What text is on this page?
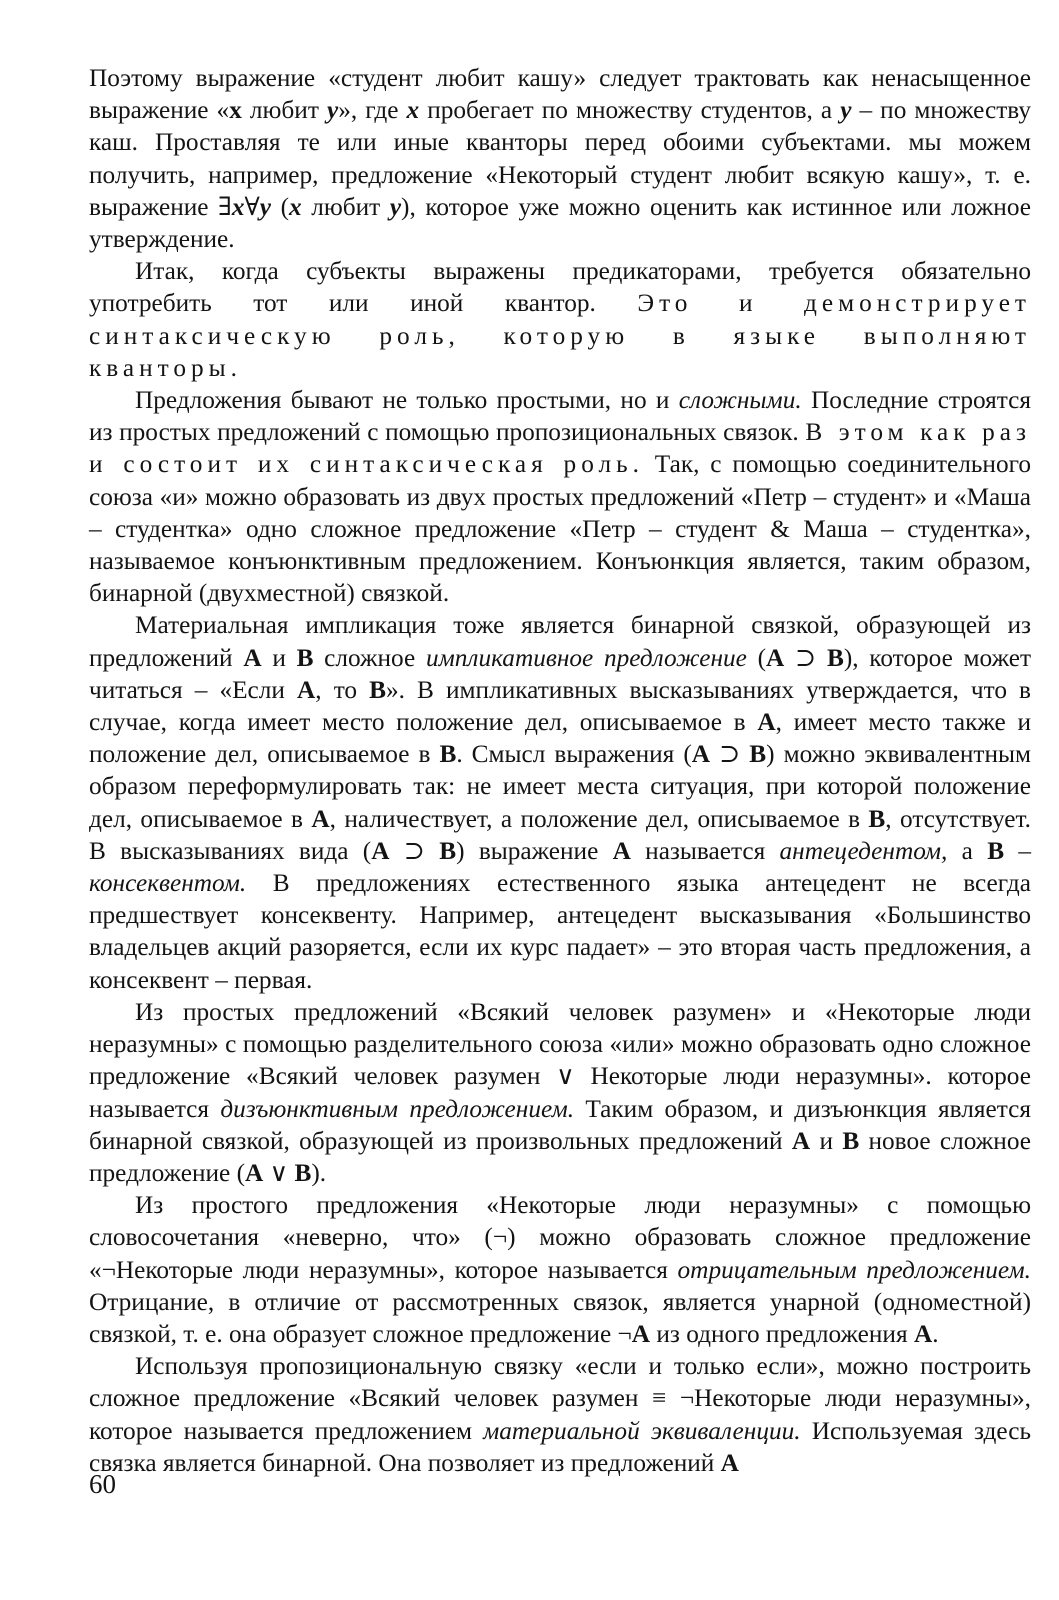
Поэтому выражение «студент любит кашу» следует трактовать как ненасыщенное выражение «x любит y», где x пробегает по множеству студентов, а y – по множеству каш. Проставляя те или иные кванторы перед обоими субъектами. мы можем получить, например, предложение «Некоторый студент любит всякую кашу», т. е. выражение ∃x∀y (x любит y), которое уже можно оценить как истинное или ложное утверждение.

Итак, когда субъекты выражены предикаторами, требуется обязательно употребить тот или иной квантор. Это и демонстрирует синтаксическую роль, которую в языке выполняют кванторы.

Предложения бывают не только простыми, но и сложными. Последние строятся из простых предложений с помощью пропозициональных связок. В этом как раз и состоит их синтаксическая роль. Так, с помощью соединительного союза «и» можно образовать из двух простых предложений «Петр – студент» и «Маша – студентка» одно сложное предложение «Петр – студент & Маша – студентка», называемое конъюнктивным предложением. Конъюнкция является, таким образом, бинарной (двухместной) связкой.

Материальная импликация тоже является бинарной связкой, образующей из предложений A и B сложное импликативное предложение (A ⊃ B), которое может читаться – «Если A, то B». В импликативных высказываниях утверждается, что в случае, когда имеет место положение дел, описываемое в A, имеет место также и положение дел, описываемое в B. Смысл выражения (A ⊃ B) можно эквивалентным образом переформулировать так: не имеет места ситуация, при которой положение дел, описываемое в A, наличествует, а положение дел, описываемое в B, отсутствует. В высказываниях вида (A ⊃ B) выражение A называется антецедентом, а B – консеквентом. В предложениях естественного языка антецедент не всегда предшествует консеквенту. Например, антецедент высказывания «Большинство владельцев акций разоряется, если их курс падает» – это вторая часть предложения, а консеквент – первая.

Из простых предложений «Всякий человек разумен» и «Некоторые люди неразумны» с помощью разделительного союза «или» можно образовать одно сложное предложение «Всякий человек разумен ∨ Некоторые люди неразумны». которое называется дизъюнктивным предложением. Таким образом, и дизъюнкция является бинарной связкой, образующей из произвольных предложений A и B новое сложное предложение (A ∨ B).

Из простого предложения «Некоторые люди неразумны» с помощью словосочетания «неверно, что» (¬) можно образовать сложное предложение «¬Некоторые люди неразумны», которое называется отрицательным предложением. Отрицание, в отличие от рассмотренных связок, является унарной (одноместной) связкой, т. е. она образует сложное предложение ¬A из одного предложения A.

Используя пропозициональную связку «если и только если», можно построить сложное предложение «Всякий человек разумен ≡ ¬Некоторые люди неразумны», которое называется предложением материальной эквиваленции. Используемая здесь связка является бинарной. Она позволяет из предложений A

60
